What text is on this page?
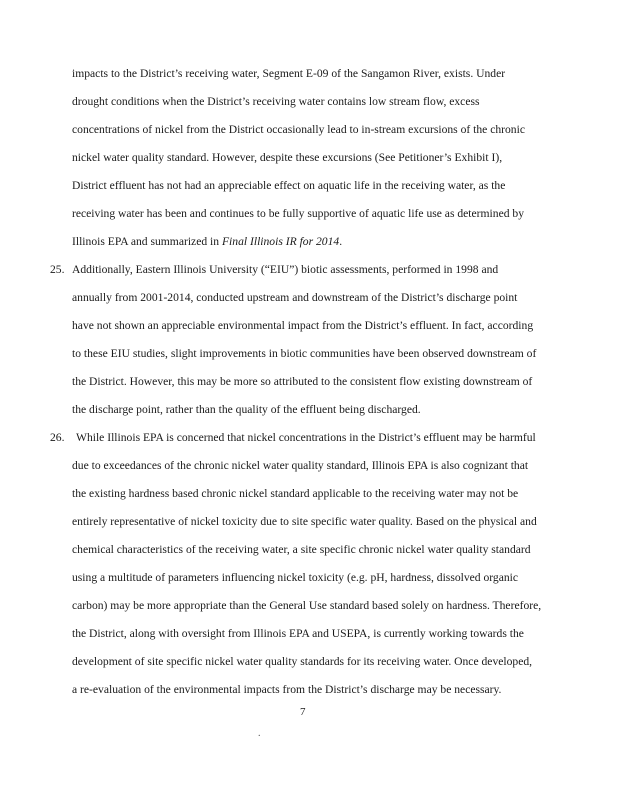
impacts to the District’s receiving water, Segment E-09 of the Sangamon River, exists. Under
drought conditions when the District’s receiving water contains low stream flow, excess
concentrations of nickel from the District occasionally lead to in-stream excursions of the chronic
nickel water quality standard. However, despite these excursions (See Petitioner’s Exhibit I),
District effluent has not had an appreciable effect on aquatic life in the receiving water, as the
receiving water has been and continues to be fully supportive of aquatic life use as determined by
Illinois EPA and summarized in Final Illinois IR for 2014.
25. Additionally, Eastern Illinois University (“EIU”) biotic assessments, performed in 1998 and
annually from 2001-2014, conducted upstream and downstream of the District’s discharge point
have not shown an appreciable environmental impact from the District’s effluent. In fact, according
to these EIU studies, slight improvements in biotic communities have been observed downstream of
the District. However, this may be more so attributed to the consistent flow existing downstream of
the discharge point, rather than the quality of the effluent being discharged.
26. While Illinois EPA is concerned that nickel concentrations in the District’s effluent may be harmful
due to exceedances of the chronic nickel water quality standard, Illinois EPA is also cognizant that
the existing hardness based chronic nickel standard applicable to the receiving water may not be
entirely representative of nickel toxicity due to site specific water quality. Based on the physical and
chemical characteristics of the receiving water, a site specific chronic nickel water quality standard
using a multitude of parameters influencing nickel toxicity (e.g. pH, hardness, dissolved organic
carbon) may be more appropriate than the General Use standard based solely on hardness. Therefore,
the District, along with oversight from Illinois EPA and USEPA, is currently working towards the
development of site specific nickel water quality standards for its receiving water. Once developed,
a re-evaluation of the environmental impacts from the District’s discharge may be necessary.
7
.
